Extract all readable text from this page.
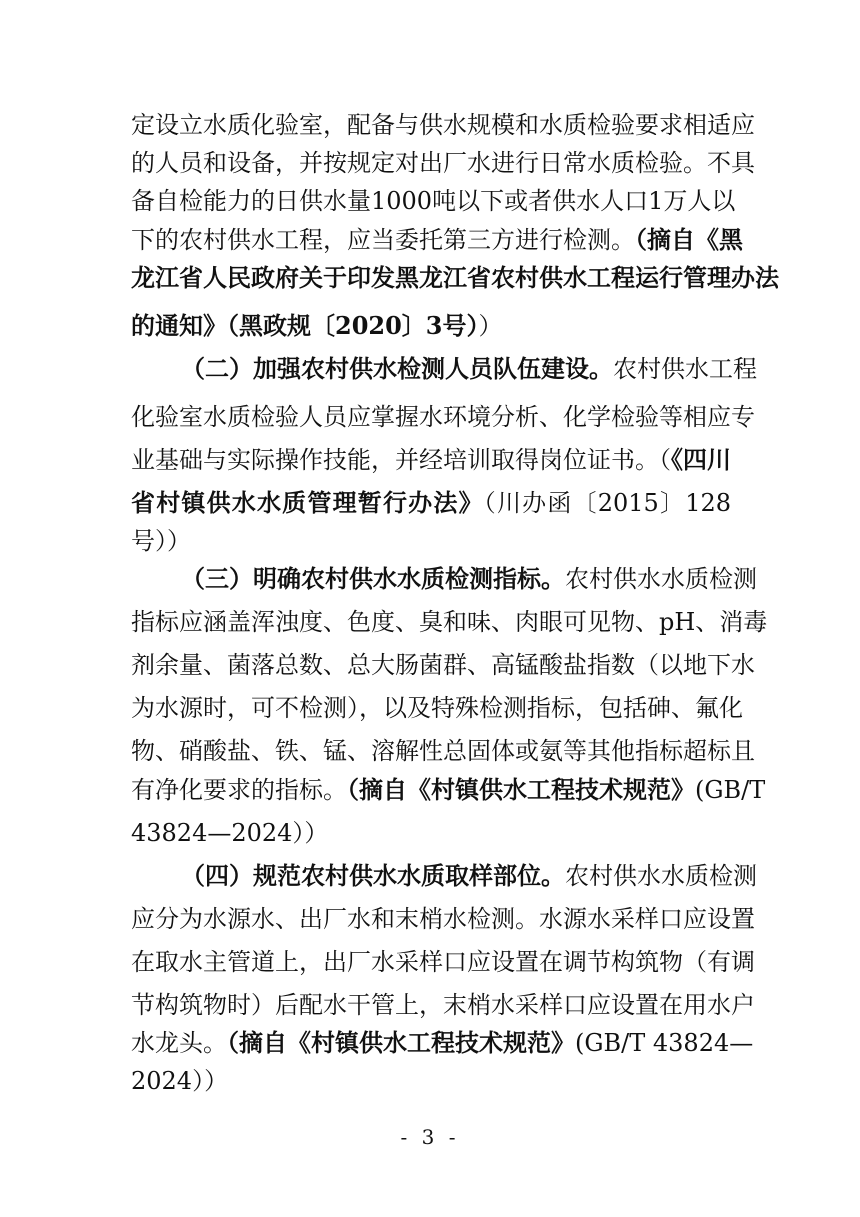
定设立水质化验室，配备与供水规模和水质检验要求相适应
的人员和设备，并按规定对出厂水进行日常水质检验。不具
备自检能力的日供水量1000吨以下或者供水人口1万人以
下的农村供水工程，应当委托第三方进行检测。（摘自《黑
龙江省人民政府关于印发黑龙江省农村供水工程运行管理办法
的通知》（黑政规〔2020〕3号））
（二）加强农村供水检测人员队伍建设。农村供水工程
化验室水质检验人员应掌握水环境分析、化学检验等相应专
业基础与实际操作技能，并经培训取得岗位证书。（《四川
省村镇供水水质管理暂行办法》（川办函〔2015〕128
号））
（三）明确农村供水水质检测指标。农村供水水质检测
指标应涵盖浑浊度、色度、臭和味、肉眼可见物、pH、消毒
剂余量、菌落总数、总大肠菌群、高锰酸盐指数（以地下水
为水源时，可不检测），以及特殊检测指标，包括砷、氟化
物、硝酸盐、铁、锰、溶解性总固体或氨等其他指标超标且
有净化要求的指标。（摘自《村镇供水工程技术规范》(GB/T
43824—2024））
（四）规范农村供水水质取样部位。农村供水水质检测
应分为水源水、出厂水和末梢水检测。水源水采样口应设置
在取水主管道上，出厂水采样口应设置在调节构筑物（有调
节构筑物时）后配水干管上，末梢水采样口应设置在用水户
水龙头。（摘自《村镇供水工程技术规范》(GB/T 43824—
2024））
- 3 -
